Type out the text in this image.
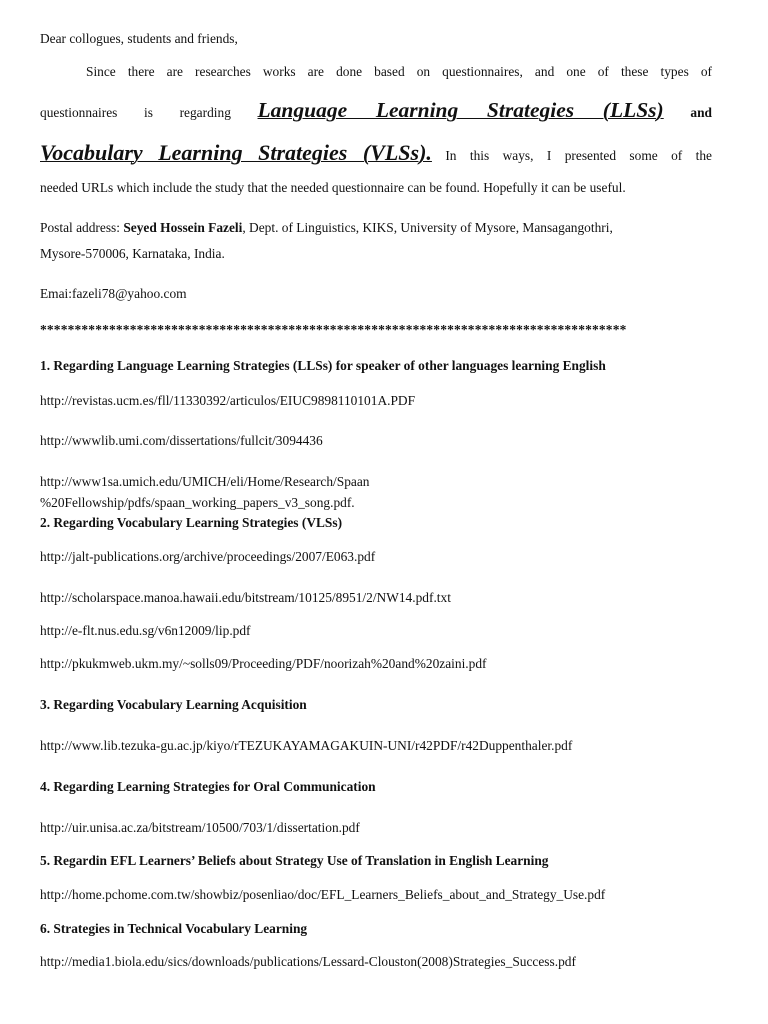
Dear collogues, students and friends,
Since there are researches works are done based on questionnaires, and one of these types of
questionnaires is regarding Language Learning Strategies (LLSs) and
Vocabulary Learning Strategies (VLSs). In this ways, I presented some of the
needed URLs which include the study that the needed questionnaire can be found. Hopefully it can be useful.
Postal address: Seyed Hossein Fazeli, Dept. of Linguistics, KIKS, University of Mysore, Mansagangothri,
Mysore-570006, Karnataka, India.
Emai:fazeli78@yahoo.com
*************************************************************************************
1. Regarding Language Learning Strategies (LLSs) for speaker of other languages learning English
http://revistas.ucm.es/fll/11330392/articulos/EIUC9898110101A.PDF
http://wwwlib.umi.com/dissertations/fullcit/3094436
http://www1sa.umich.edu/UMICH/eli/Home/Research/Spaan
%20Fellowship/pdfs/spaan_working_papers_v3_song.pdf.
2. Regarding Vocabulary Learning Strategies (VLSs)
http://jalt-publications.org/archive/proceedings/2007/E063.pdf
http://scholarspace.manoa.hawaii.edu/bitstream/10125/8951/2/NW14.pdf.txt
http://e-flt.nus.edu.sg/v6n12009/lip.pdf
http://pkukmweb.ukm.my/~solls09/Proceeding/PDF/noorizah%20and%20zaini.pdf
3. Regarding Vocabulary Learning Acquisition
http://www.lib.tezuka-gu.ac.jp/kiyo/rTEZUKAYAMAGAKUIN-UNI/r42PDF/r42Duppenthaler.pdf
4. Regarding Learning Strategies for Oral Communication
http://uir.unisa.ac.za/bitstream/10500/703/1/dissertation.pdf
5. Regardin EFL Learners’ Beliefs about Strategy Use of Translation in English Learning
http://home.pchome.com.tw/showbiz/posenliao/doc/EFL_Learners_Beliefs_about_and_Strategy_Use.pdf
6. Strategies in Technical Vocabulary Learning
http://media1.biola.edu/sics/downloads/publications/Lessard-Clouston(2008)Strategies_Success.pdf
